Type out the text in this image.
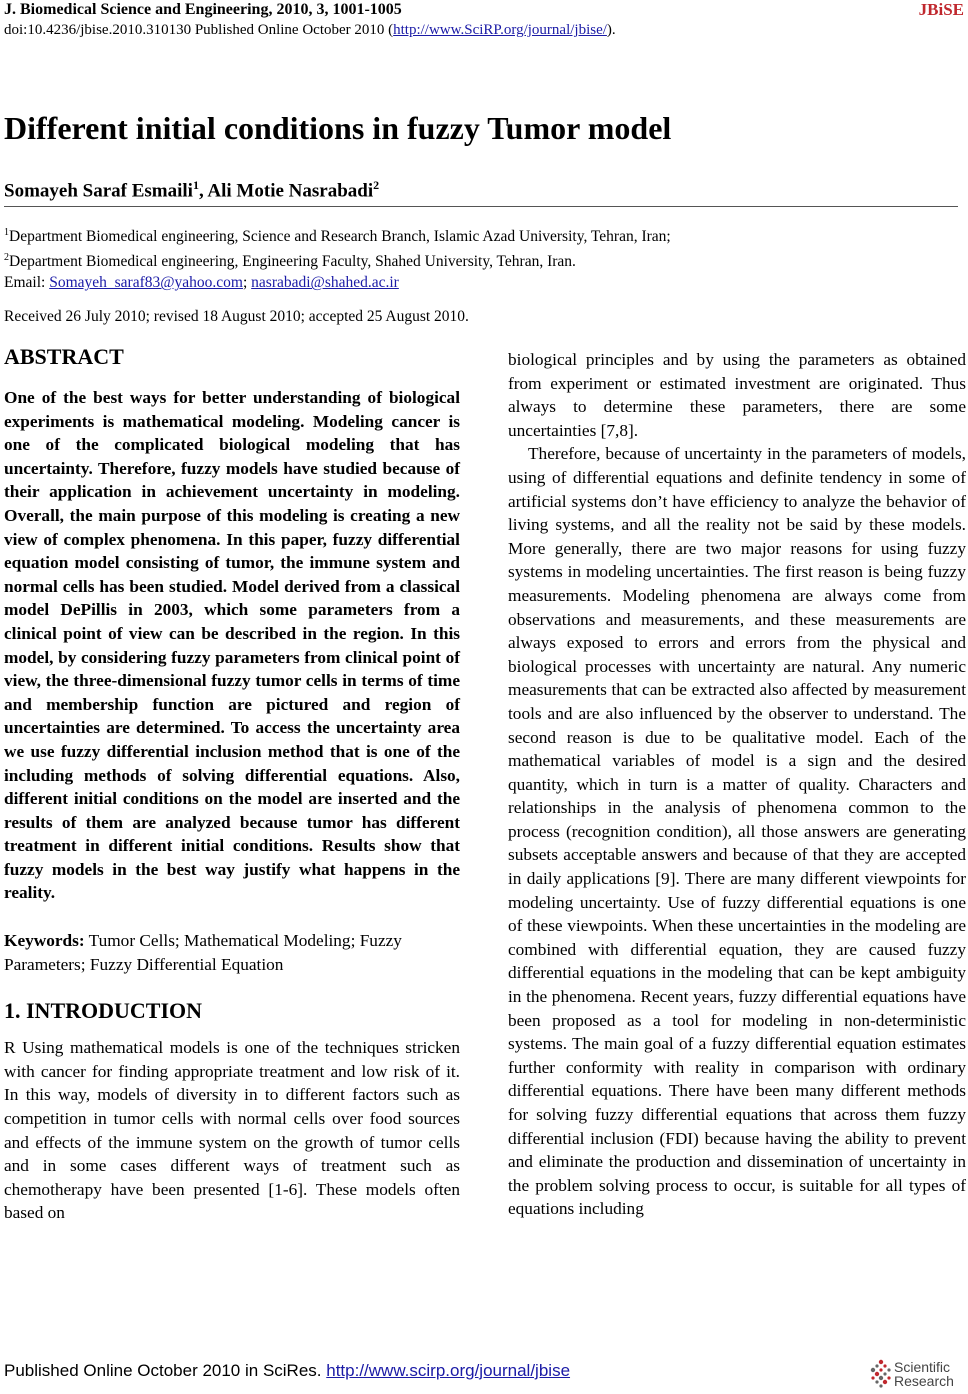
J. Biomedical Science and Engineering, 2010, 3, 1001-1005
doi:10.4236/jbise.2010.310130 Published Online October 2010 (http://www.SciRP.org/journal/jbise/).
JBiSE
Different initial conditions in fuzzy Tumor model
Somayeh Saraf Esmaili$^1$, Ali Motie Nasrabadi$^2$
$^1$Department Biomedical engineering, Science and Research Branch, Islamic Azad University, Tehran, Iran;
$^2$Department Biomedical engineering, Engineering Faculty, Shahed University, Tehran, Iran.
Email: Somayeh_saraf83@yahoo.com; nasrabadi@shahed.ac.ir
Received 26 July 2010; revised 18 August 2010; accepted 25 August 2010.
ABSTRACT

One of the best ways for better understanding of biological experiments is mathematical modeling. Modeling cancer is one of the complicated biological modeling that has uncertainty. Therefore, fuzzy models have studied because of their application in achievement uncertainty in modeling. Overall, the main purpose of this modeling is creating a new view of complex phenomena. In this paper, fuzzy differential equation model consisting of tumor, the immune system and normal cells has been studied. Model derived from a classical model DePillis in 2003, which some parameters from a clinical point of view can be described in the region. In this model, by considering fuzzy parameters from clinical point of view, the three-dimensional fuzzy tumor cells in terms of time and membership function are pictured and region of uncertainties are determined. To access the uncertainty area we use fuzzy differential inclusion method that is one of the including methods of solving differential equations. Also, different initial conditions on the model are inserted and the results of them are analyzed because tumor has different treatment in different initial conditions. Results show that fuzzy models in the best way justify what happens in the reality.

Keywords: Tumor Cells; Mathematical Modeling; Fuzzy Parameters; Fuzzy Differential Equation

1. INTRODUCTION

R Using mathematical models is one of the techniques stricken with cancer for finding appropriate treatment and low risk of it. In this way, models of diversity in to different factors such as competition in tumor cells with normal cells over food sources and effects of the immune system on the growth of tumor cells and in some cases different ways of treatment such as chemotherapy have been presented [1-6]. These models often based on

biological principles and by using the parameters as obtained from experiment or estimated investment are originated. Thus always to determine these parameters, there are some uncertainties [7,8].

Therefore, because of uncertainty in the parameters of models, using of differential equations and definite tendency in some of artificial systems don’t have efficiency to analyze the behavior of living systems, and all the reality not be said by these models. More generally, there are two major reasons for using fuzzy systems in modeling uncertainties. The first reason is being fuzzy measurements. Modeling phenomena are always come from observations and measurements, and these measurements are always exposed to errors and errors from the physical and biological processes with uncertainty are natural. Any numeric measurements that can be extracted also affected by measurement tools and are also influenced by the observer to understand. The second reason is due to be qualitative model. Each of the mathematical variables of model is a sign and the desired quantity, which in turn is a matter of quality. Characters and relationships in the analysis of phenomena common to the process (recognition condition), all those answers are generating subsets acceptable answers and because of that they are accepted in daily applications [9]. There are many different viewpoints for modeling uncertainty. Use of fuzzy differential equations is one of these viewpoints. When these uncertainties in the modeling are combined with differential equation, they are caused fuzzy differential equations in the modeling that can be kept ambiguity in the phenomena. Recent years, fuzzy differential equations have been proposed as a tool for modeling in non-deterministic systems. The main goal of a fuzzy differential equation estimates further conformity with reality in comparison with ordinary differential equations. There have been many different methods for solving fuzzy differential equations that across them fuzzy differential inclusion (FDI) because having the ability to prevent and eliminate the production and dissemination of uncertainty in the problem solving process to occur, is suitable for all types of equations including

Published Online October 2010 in SciRes. http://www.scirp.org/journal/jbise	Scientific
Research
